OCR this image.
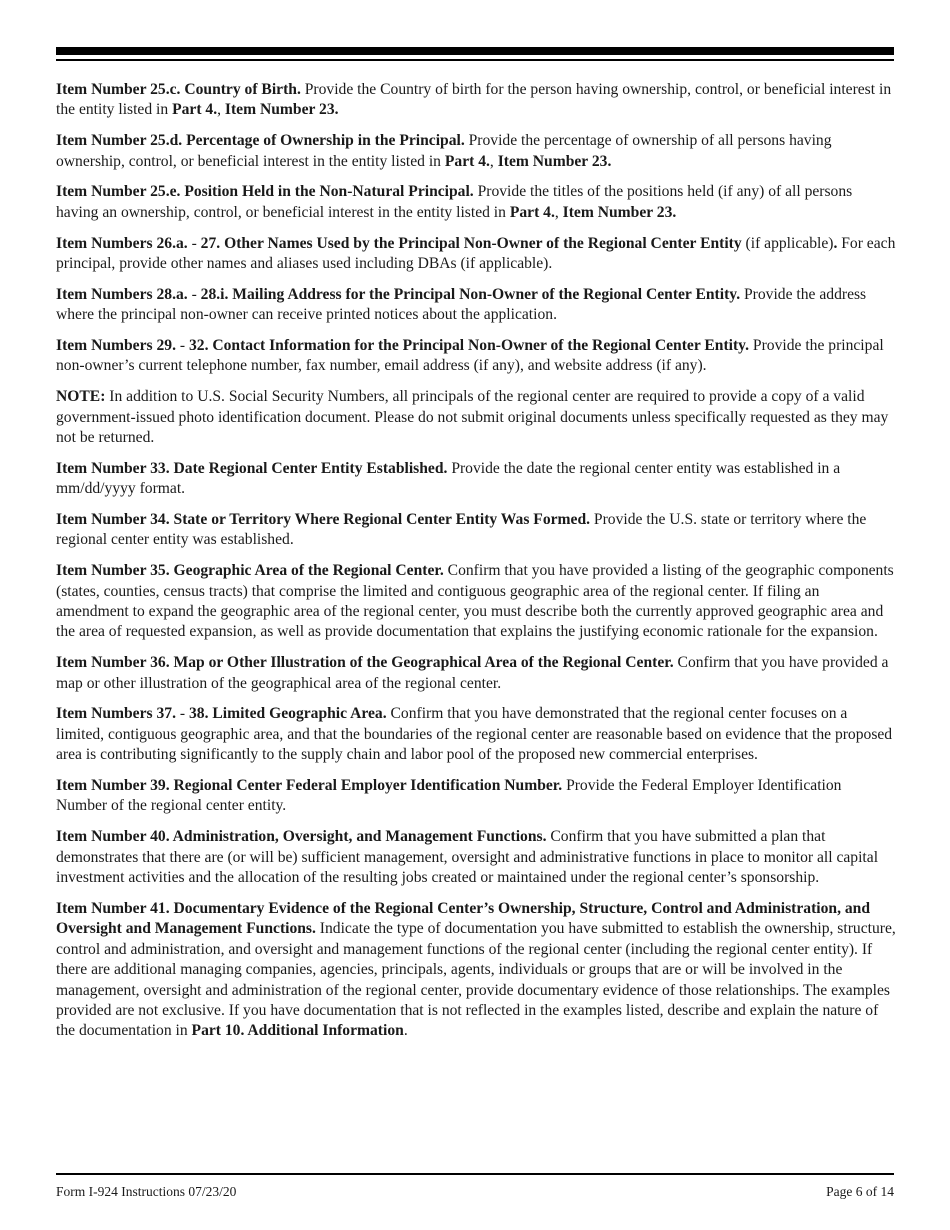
Item Number 25.c. Country of Birth. Provide the Country of birth for the person having ownership, control, or beneficial interest in the entity listed in Part 4., Item Number 23.

Item Number 25.d. Percentage of Ownership in the Principal. Provide the percentage of ownership of all persons having ownership, control, or beneficial interest in the entity listed in Part 4., Item Number 23.

Item Number 25.e. Position Held in the Non-Natural Principal. Provide the titles of the positions held (if any) of all persons having an ownership, control, or beneficial interest in the entity listed in Part 4., Item Number 23.

Item Numbers 26.a. - 27. Other Names Used by the Principal Non-Owner of the Regional Center Entity (if applicable). For each principal, provide other names and aliases used including DBAs (if applicable).

Item Numbers 28.a. - 28.i. Mailing Address for the Principal Non-Owner of the Regional Center Entity. Provide the address where the principal non-owner can receive printed notices about the application.

Item Numbers 29. - 32. Contact Information for the Principal Non-Owner of the Regional Center Entity. Provide the principal non-owner’s current telephone number, fax number, email address (if any), and website address (if any).

NOTE: In addition to U.S. Social Security Numbers, all principals of the regional center are required to provide a copy of a valid government-issued photo identification document. Please do not submit original documents unless specifically requested as they may not be returned.

Item Number 33. Date Regional Center Entity Established. Provide the date the regional center entity was established in a mm/dd/yyyy format.

Item Number 34. State or Territory Where Regional Center Entity Was Formed. Provide the U.S. state or territory where the regional center entity was established.

Item Number 35. Geographic Area of the Regional Center. Confirm that you have provided a listing of the geographic components (states, counties, census tracts) that comprise the limited and contiguous geographic area of the regional center. If filing an amendment to expand the geographic area of the regional center, you must describe both the currently approved geographic area and the area of requested expansion, as well as provide documentation that explains the justifying economic rationale for the expansion.

Item Number 36. Map or Other Illustration of the Geographical Area of the Regional Center. Confirm that you have provided a map or other illustration of the geographical area of the regional center.

Item Numbers 37. - 38. Limited Geographic Area. Confirm that you have demonstrated that the regional center focuses on a limited, contiguous geographic area, and that the boundaries of the regional center are reasonable based on evidence that the proposed area is contributing significantly to the supply chain and labor pool of the proposed new commercial enterprises.

Item Number 39. Regional Center Federal Employer Identification Number. Provide the Federal Employer Identification Number of the regional center entity.

Item Number 40. Administration, Oversight, and Management Functions. Confirm that you have submitted a plan that demonstrates that there are (or will be) sufficient management, oversight and administrative functions in place to monitor all capital investment activities and the allocation of the resulting jobs created or maintained under the regional center’s sponsorship.

Item Number 41. Documentary Evidence of the Regional Center’s Ownership, Structure, Control and Administration, and Oversight and Management Functions. Indicate the type of documentation you have submitted to establish the ownership, structure, control and administration, and oversight and management functions of the regional center (including the regional center entity). If there are additional managing companies, agencies, principals, agents, individuals or groups that are or will be involved in the management, oversight and administration of the regional center, provide documentary evidence of those relationships. The examples provided are not exclusive. If you have documentation that is not reflected in the examples listed, describe and explain the nature of the documentation in Part 10. Additional Information.

Form I-924 Instructions 07/23/20	Page 6 of 14
